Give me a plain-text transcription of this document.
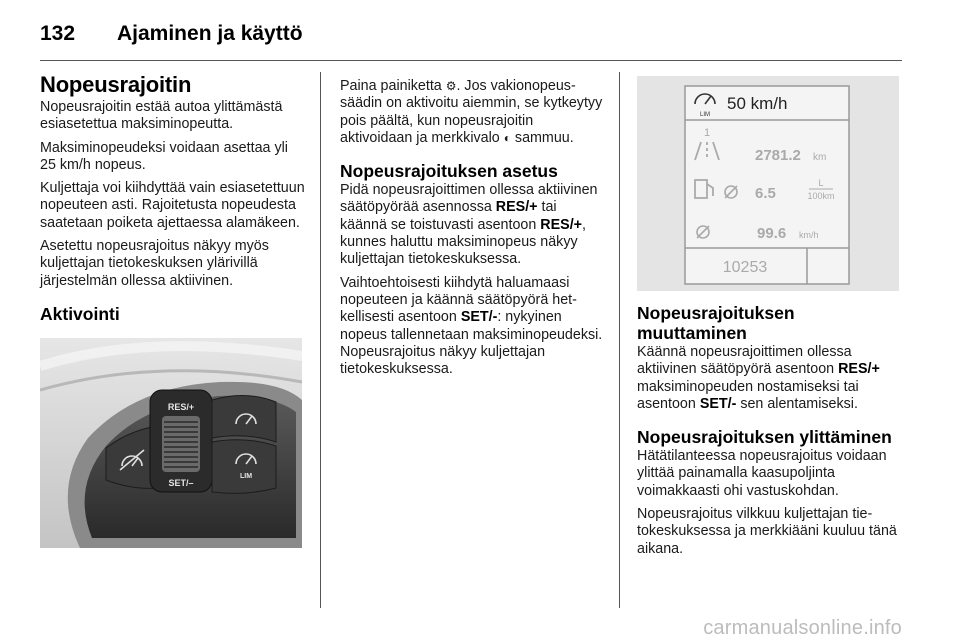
132 Ajaminen ja käyttö
Nopeusrajoitin

Nopeusrajoitin estää autoa ylittämästä esiasetettua maksiminopeutta.

Maksiminopeudeksi voidaan asettaa yli 25 km/h nopeus.

Kuljettaja voi kiihdyttää vain esiasetettuun nopeuteen asti. Rajoitetusta nopeudesta saatetaan poiketa ajettaessa alamäkeen.

Asetettu nopeusrajoitus näkyy myös kuljettajan tietokeskuksen ylärivillä järjestelmän ollessa aktiivinen.

Aktivointi
RES/+
SET/–
LIM

Paina painiketta ⚙. Jos vakionopeussäädin on aktivoitu aiemmin, se kytkeytyy pois päältä, kun nopeusrajoitin aktivoidaan ja merkkivalo ◐ sammuu.

Nopeusrajoituksen asetus

Pidä nopeusrajoittimen ollessa aktiivinen säätöpyörää asennossa RES/+ tai käännä se toistuvasti asentoon RES/+, kunnes haluttu maksiminopeus näkyy kuljettajan tietokeskuksessa.

Vaihtoehtoisesti kiihdytä haluamaasi nopeuteen ja käännä säätöpyörä hetkellisesti asentoon SET/-: nykyinen nopeus tallennetaan maksiminopeudeksi. Nopeusrajoitus näkyy kuljettajan tietokeskuksessa.

LIM
50 km/h
1
2781.2 km
6.5
L
100km
99.6 km/h
10253
Nopeusrajoituksen muuttaminen

Käännä nopeusrajoittimen ollessa aktiivinen säätöpyörä asentoon RES/+ maksiminopeuden nostamiseksi tai asentoon SET/- sen alentamiseksi.

Nopeusrajoituksen ylittäminen

Hätätilanteessa nopeusrajoitus voidaan ylittää painamalla kaasupoljinta voimakkaasti ohi vastuskohdan.

Nopeusrajoitus vilkkuu kuljettajan tietokeskuksessa ja merkkiääni kuuluu tänä aikana.

carmanualsonline.info
